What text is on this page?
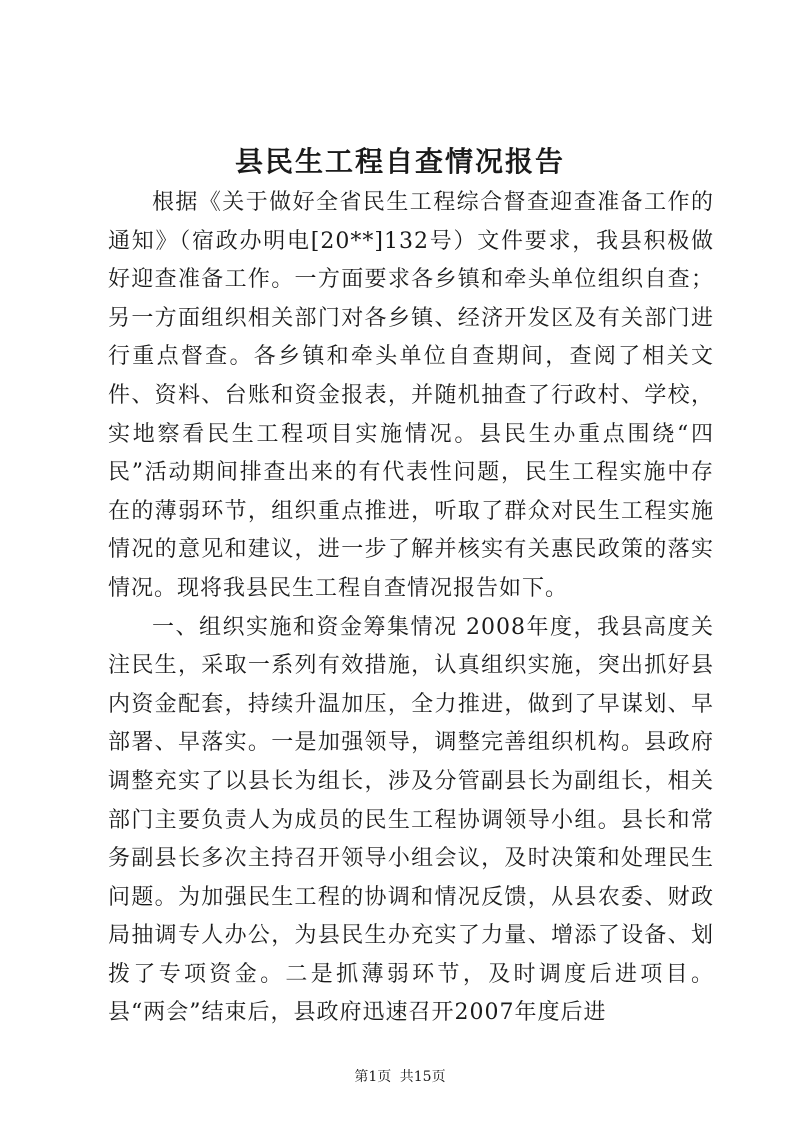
县民生工程自查情况报告

根据《关于做好全省民生工程综合督查迎查准备工作的通知》（宿政办明电[20**]132号）文件要求，我县积极做好迎查准备工作。一方面要求各乡镇和牵头单位组织自查；另一方面组织相关部门对各乡镇、经济开发区及有关部门进行重点督查。各乡镇和牵头单位自查期间，查阅了相关文件、资料、台账和资金报表，并随机抽查了行政村、学校，实地察看民生工程项目实施情况。县民生办重点围绕“四民”活动期间排查出来的有代表性问题，民生工程实施中存在的薄弱环节，组织重点推进，听取了群众对民生工程实施情况的意见和建议，进一步了解并核实有关惠民政策的落实情况。现将我县民生工程自查情况报告如下。

一、组织实施和资金筹集情况 2008年度，我县高度关注民生，采取一系列有效措施，认真组织实施，突出抓好县内资金配套，持续升温加压，全力推进，做到了早谋划、早部署、早落实。一是加强领导，调整完善组织机构。县政府调整充实了以县长为组长，涉及分管副县长为副组长，相关部门主要负责人为成员的民生工程协调领导小组。县长和常务副县长多次主持召开领导小组会议，及时决策和处理民生问题。为加强民生工程的协调和情况反馈，从县农委、财政局抽调专人办公，为县民生办充实了力量、增添了设备、划拨了专项资金。二是抓薄弱环节，及时调度后进项目。县“两会”结束后，县政府迅速召开2007年度后进

第1页 共15页
